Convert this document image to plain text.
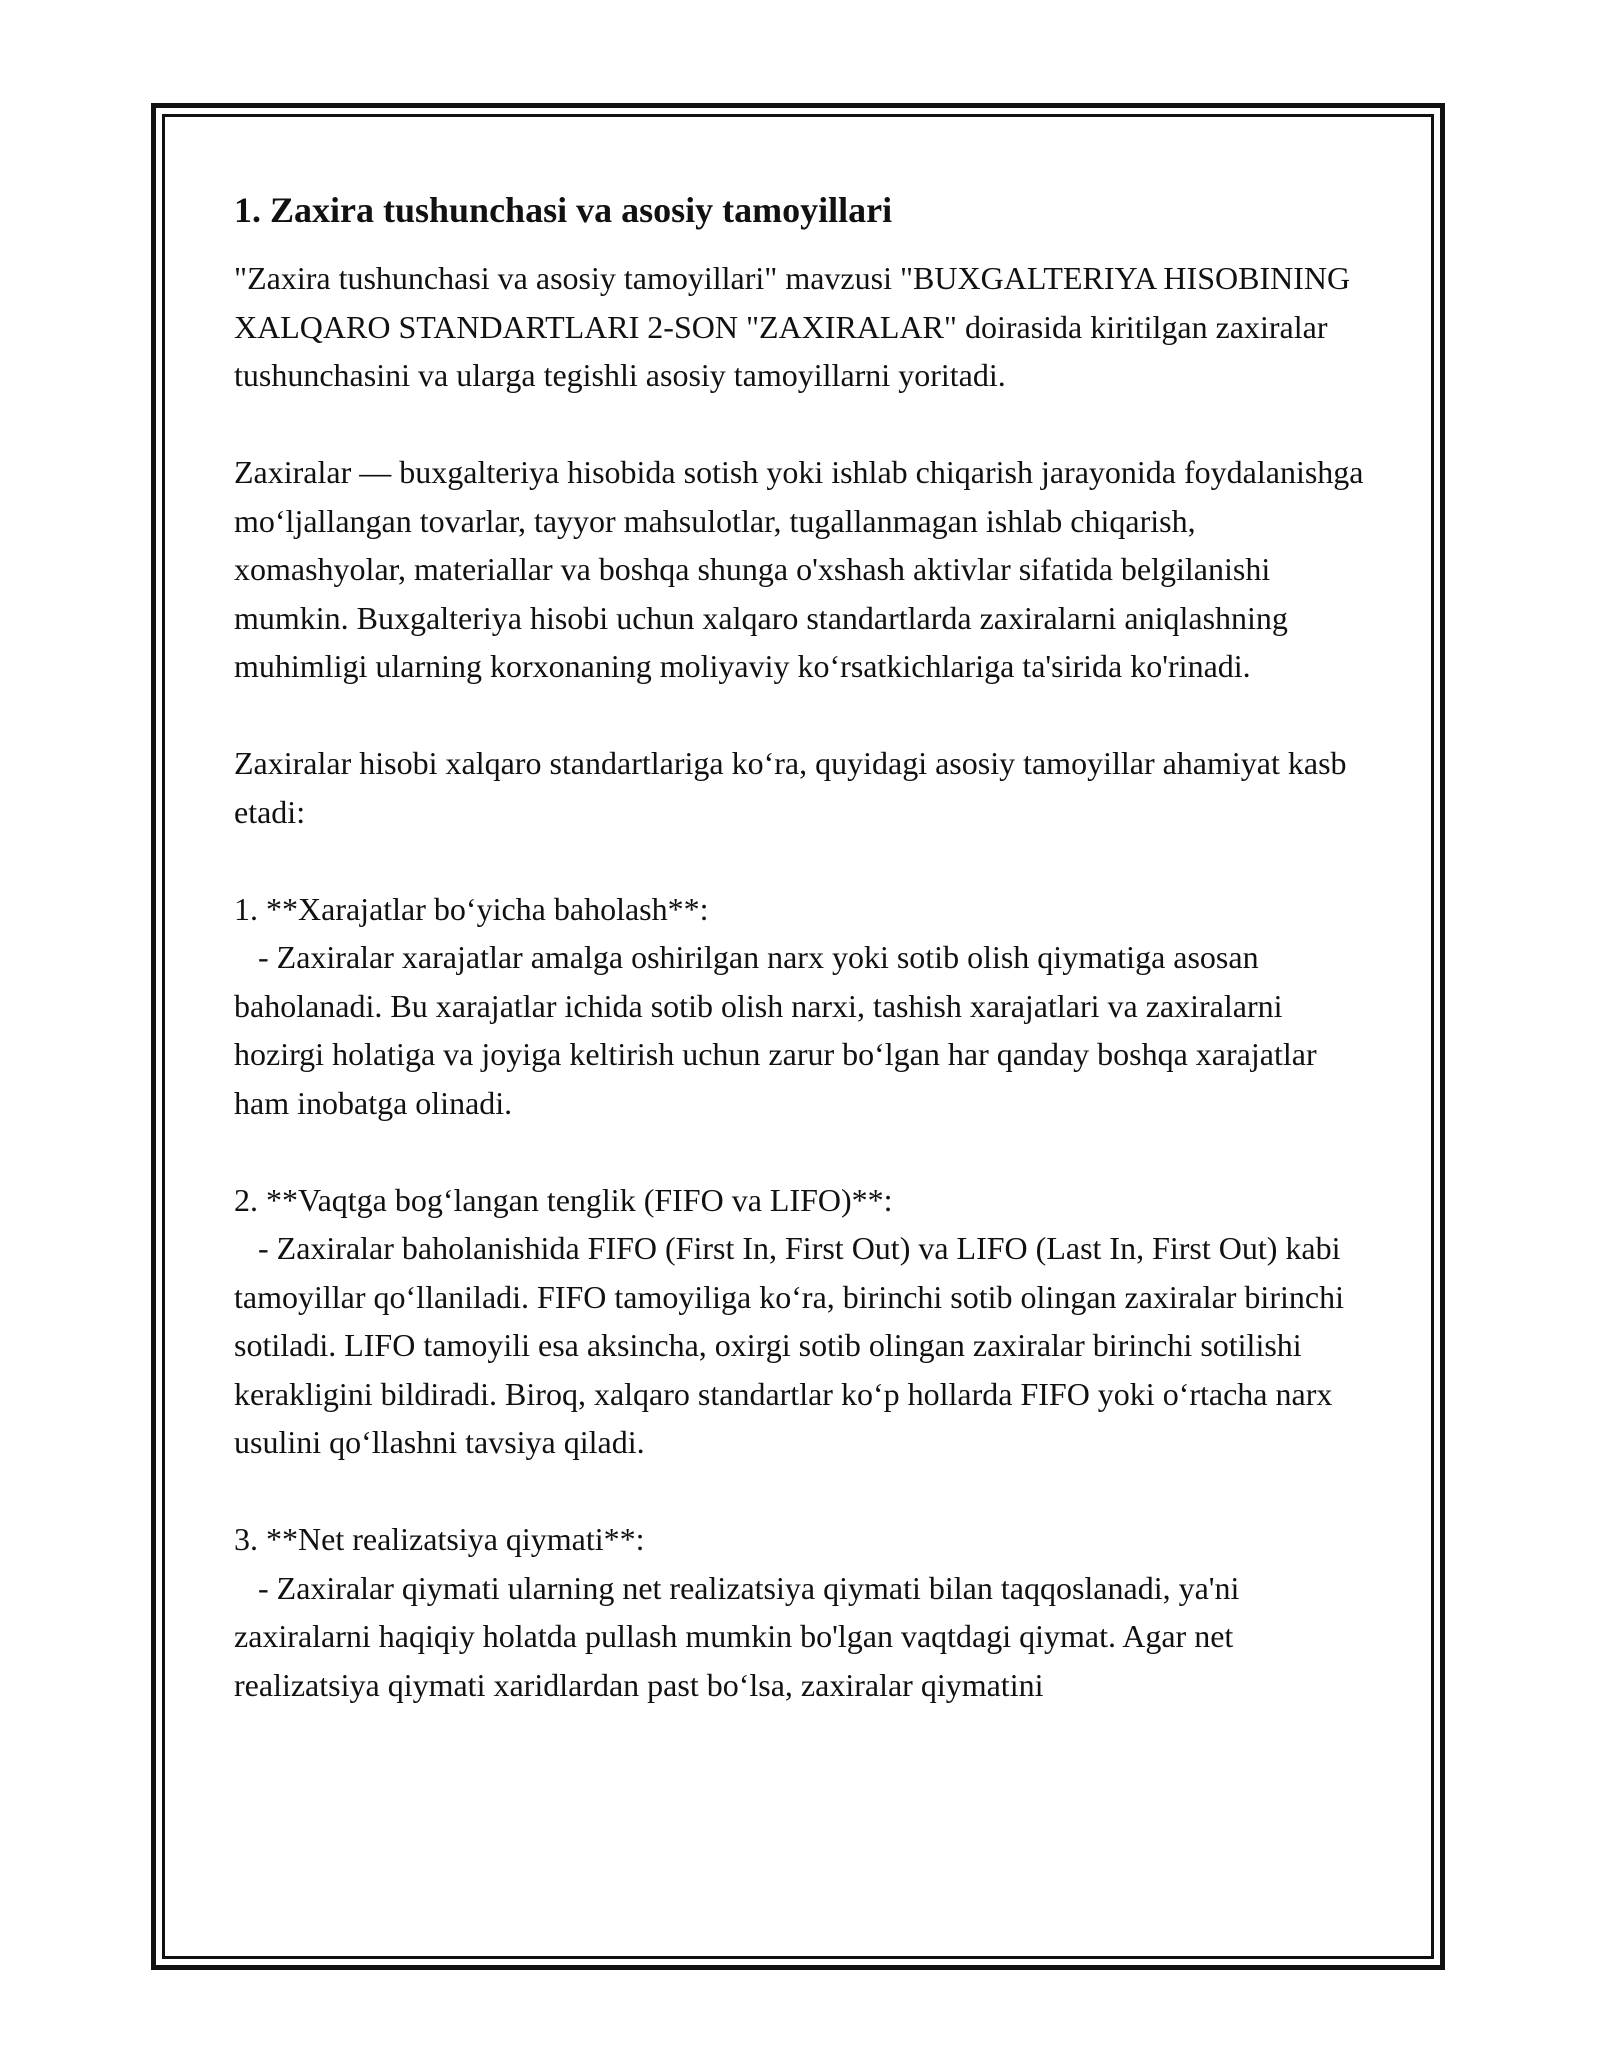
1. Zaxira tushunchasi va asosiy tamoyillari

"Zaxira tushunchasi va asosiy tamoyillari" mavzusi "BUXGALTERIYA HISOBINING XALQARO STANDARTLARI 2-SON "ZAXIRALAR" doirasida kiritilgan zaxiralar tushunchasini va ularga tegishli asosiy tamoyillarni yoritadi.

Zaxiralar — buxgalteriya hisobida sotish yoki ishlab chiqarish jarayonida foydalanishga mo‘ljallangan tovarlar, tayyor mahsulotlar, tugallanmagan ishlab chiqarish, xomashyolar, materiallar va boshqa shunga o'xshash aktivlar sifatida belgilanishi mumkin. Buxgalteriya hisobi uchun xalqaro standartlarda zaxiralarni aniqlashning muhimligi ularning korxonaning moliyaviy ko‘rsatkichlariga ta'sirida ko'rinadi.

Zaxiralar hisobi xalqaro standartlariga ko‘ra, quyidagi asosiy tamoyillar ahamiyat kasb etadi:

1. **Xarajatlar bo‘yicha baholash**:
- Zaxiralar xarajatlar amalga oshirilgan narx yoki sotib olish qiymatiga asosan baholanadi. Bu xarajatlar ichida sotib olish narxi, tashish xarajatlari va zaxiralarni hozirgi holatiga va joyiga keltirish uchun zarur bo‘lgan har qanday boshqa xarajatlar ham inobatga olinadi.

2. **Vaqtga bog‘langan tenglik (FIFO va LIFO)**:
- Zaxiralar baholanishida FIFO (First In, First Out) va LIFO (Last In, First Out) kabi tamoyillar qo‘llaniladi. FIFO tamoyiliga ko‘ra, birinchi sotib olingan zaxiralar birinchi sotiladi. LIFO tamoyili esa aksincha, oxirgi sotib olingan zaxiralar birinchi sotilishi kerakligini bildiradi. Biroq, xalqaro standartlar ko‘p hollarda FIFO yoki o‘rtacha narx usulini qo‘llashni tavsiya qiladi.

3. **Net realizatsiya qiymati**:
- Zaxiralar qiymati ularning net realizatsiya qiymati bilan taqqoslanadi, ya'ni zaxiralarni haqiqiy holatda pullash mumkin bo'lgan vaqtdagi qiymat. Agar net realizatsiya qiymati xaridlardan past bo‘lsa, zaxiralar qiymatini
